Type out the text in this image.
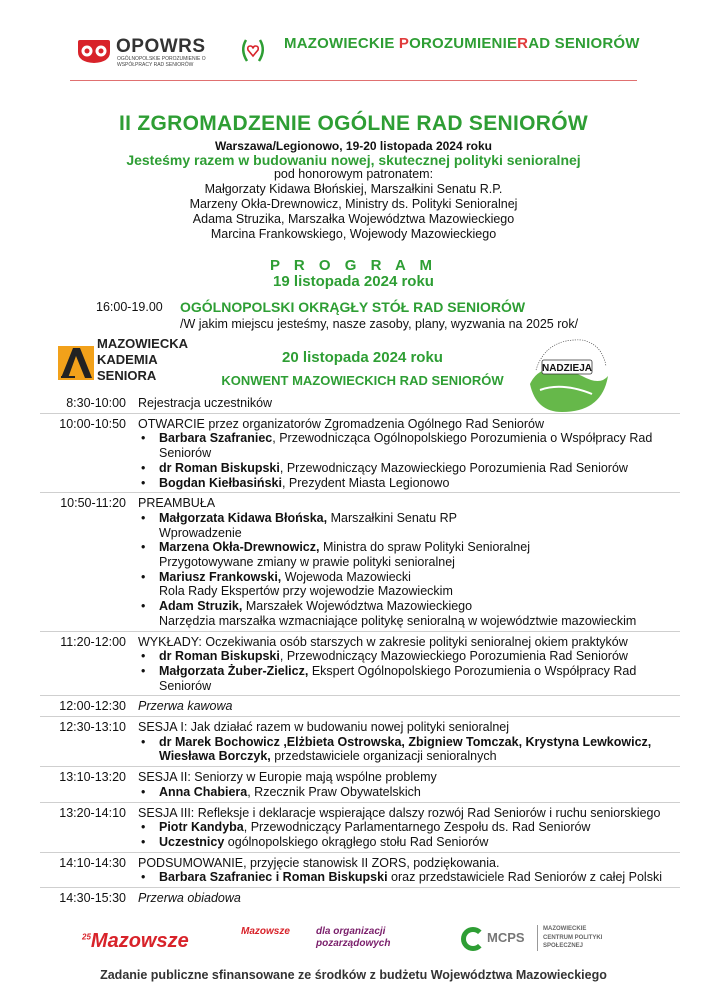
OPOWRS
OGÓLNOPOLSKIE POROZUMIENIE O WSPÓŁPRACY RAD SENIORÓW
MAZOWIECKIE POROZUMIENIERAD SENIORÓW
II ZGROMADZENIE OGÓLNE RAD SENIORÓW
Warszawa/Legionowo, 19-20 listopada 2024 roku
Jesteśmy razem w budowaniu nowej, skutecznej polityki senioralnej
pod honorowym patronatem:
Małgorzaty Kidawa Błońskiej, Marszałkini Senatu R.P.
Marzeny Okła-Drewnowicz, Ministry ds. Polityki Senioralnej
Adama Struzika, Marszałka Województwa Mazowieckiego
Marcina Frankowskiego, Wojewody Mazowieckiego
P R O G R A M
19 listopada 2024 roku
16:00-19.00 OGÓLNOPOLSKI OKRĄGŁY STÓŁ RAD SENIORÓW
/W jakim miejscu jesteśmy, nasze zasoby, plany, wyzwania na 2025 rok/
MAZOWIECKA
KADEMIA
SENIORA	NADZIEJA
20 listopada 2024 roku
KONWENT MAZOWIECKICH RAD SENIORÓW
8:30-10:00 Rejestracja uczestników
10:00-10:50 OTWARCIE przez organizatorów Zgromadzenia Ogólnego Rad Seniorów
• Barbara Szafraniec, Przewodnicząca Ogólnopolskiego Porozumienia o Współpracy Rad Seniorów
• dr Roman Biskupski, Przewodniczący Mazowieckiego Porozumienia Rad Seniorów
• Bogdan Kiełbasiński, Prezydent Miasta Legionowo
10:50-11:20 PREAMBUŁA
• Małgorzata Kidawa Błońska, Marszałkini Senatu RP
Wprowadzenie
• Marzena Okła-Drewnowicz, Ministra do spraw Polityki Senioralnej
Przygotowywane zmiany w prawie polityki senioralnej
• Mariusz Frankowski, Wojewoda Mazowiecki
Rola Rady Ekspertów przy wojewodzie Mazowieckim
• Adam Struzik, Marszałek Województwa Mazowieckiego
Narzędzia marszałka wzmacniające politykę senioralną w województwie mazowieckim
11:20-12:00 WYKŁADY: Oczekiwania osób starszych w zakresie polityki senioralnej okiem praktyków
• dr Roman Biskupski, Przewodniczący Mazowieckiego Porozumienia Rad Seniorów
• Małgorzata Żuber-Zielicz, Ekspert Ogólnopolskiego Porozumienia o Współpracy Rad Seniorów
12:00-12:30 Przerwa kawowa
12:30-13:10 SESJA I: Jak działać razem w budowaniu nowej polityki senioralnej
• dr Marek Bochowicz ,Elżbieta Ostrowska, Zbigniew Tomczak, Krystyna Lewkowicz, Wiesława Borczyk, przedstawiciele organizacji senioralnych
13:10-13:20 SESJA II: Seniorzy w Europie mają wspólne problemy
• Anna Chabiera, Rzecznik Praw Obywatelskich
13:20-14:10 SESJA III: Refleksje i deklaracje wspierające dalszy rozwój Rad Seniorów i ruchu seniorskiego
• Piotr Kandyba, Przewodniczący Parlamentarnego Zespołu ds. Rad Seniorów
• Uczestnicy ogólnopolskiego okrągłego stołu Rad Seniorów
14:10-14:30 PODSUMOWANIE, przyjęcie stanowisk II ZORS, podziękowania.
• Barbara Szafraniec i Roman Biskupski oraz przedstawiciele Rad Seniorów z całej Polski
14:30-15:30 Przerwa obiadowa
$^{25}$Mazowsze	Mazowsze	dla organizacji
pozarządowych	MCPS
MAZOWIECKIE
CENTRUM POLITYKI
SPOŁECZNEJ
Zadanie publiczne sfinansowane ze środków z budżetu Województwa Mazowieckiego
